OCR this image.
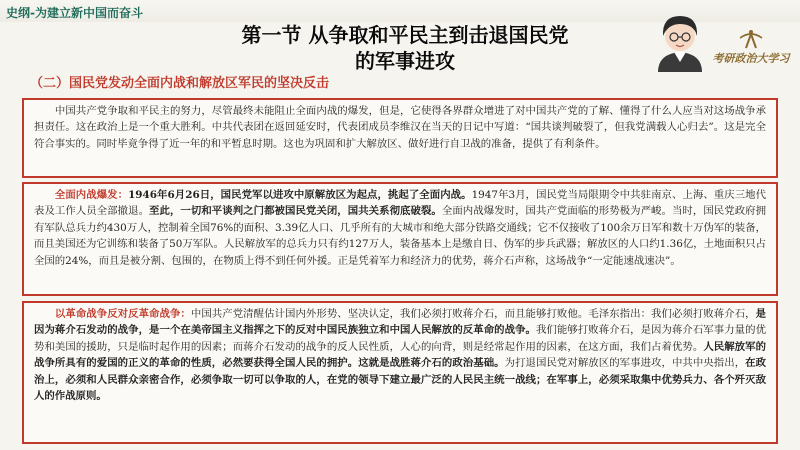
史纲-为建立新中国而奋斗
第一节 从争取和平民主到击退国民党
的军事进攻	考研政治大学习
（二）国民党发动全面内战和解放区军民的坚决反击

　　中国共产党争取和平民主的努力，尽管最终未能阻止全面内战的爆发，但是，它使得各界群众增进了对中国共产党的了解、懂得了什么人应当对这场战争承担责任。这在政治上是一个重大胜利。中共代表团在返回延安时，代表团成员李维汉在当天的日记中写道：“国共谈判破裂了，但我党满载人心归去”。这是完全符合事实的。同时毕竟争得了近一年的和平暂息时期。这也为巩固和扩大解放区、做好进行自卫战的准备，提供了有利条件。

　　全面内战爆发：1946年6月26日，国民党军以进攻中原解放区为起点，挑起了全面内战。1947年3月，国民党当局限期令中共驻南京、上海、重庆三地代表及工作人员全部撤退。至此，一切和平谈判之门都被国民党关闭，国共关系彻底破裂。全面内战爆发时，国共产党面临的形势极为严峻。当时，国民党政府拥有军队总兵力约430万人，控制着全国76%的面积、3.39亿人口、几乎所有的大城市和绝大部分铁路交通线；它不仅接收了100余万日军和数十万伪军的装备，而且美国还为它训练和装备了50万军队。人民解放军的总兵力只有约127万人，装备基本上是缴自日、伪军的步兵武器；解放区的人口约1.36亿，土地面积只占全国的24%，而且是被分割、包围的，在物质上得不到任何外援。正是凭着军力和经济力的优势，蒋介石声称，这场战争“一定能速战速决”。

　　以革命战争反对反革命战争：中国共产党清醒估计国内外形势、坚决认定，我们必须打败蒋介石，而且能够打败他。毛泽东指出：我们必须打败蒋介石，是因为蒋介石发动的战争，是一个在美帝国主义指挥之下的反对中国民族独立和中国人民解放的反革命的战争。我们能够打败蒋介石，是因为蒋介石军事力量的优势和美国的援助，只是临时起作用的因素；而蒋介石发动的战争的反人民性质，人心的向背，则是经常起作用的因素，在这方面，我们占着优势。人民解放军的战争所具有的爱国的正义的革命的性质，必然要获得全国人民的拥护。这就是战胜蒋介石的政治基础。为打退国民党对解放区的军事进攻，中共中央指出，在政治上，必须和人民群众亲密合作，必须争取一切可以争取的人，在党的领导下建立最广泛的人民民主统一战线；在军事上，必须采取集中优势兵力、各个歼灭敌人的作战原则。
